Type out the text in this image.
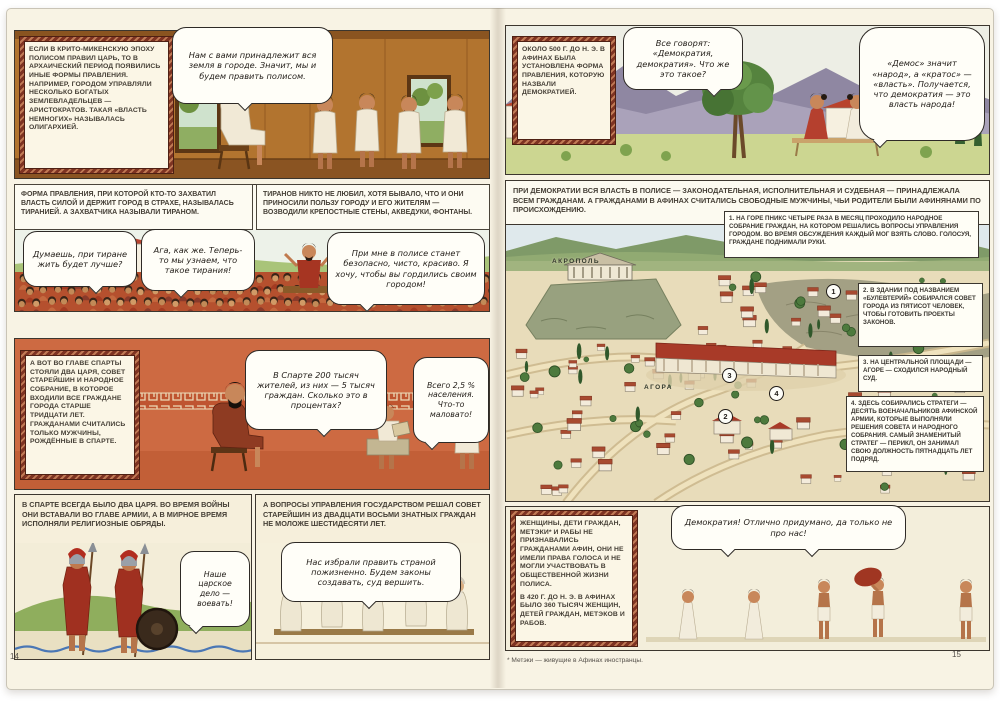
В СПАРТЕ ВСЕГДА БЫЛО ДВА ЦАРЯ. ВО ВРЕМЯ ВОЙНЫ ОНИ ВСТАВАЛИ ВО ГЛАВЕ АРМИИ, А В МИРНОЕ ВРЕМЯ ИСПОЛНЯЛИ РЕЛИГИОЗНЫЕ ОБРЯДЫ.
А ВОПРОСЫ УПРАВЛЕНИЯ ГОСУДАРСТВОМ РЕШАЛ СОВЕТ СТАРЕЙШИН ИЗ ДВАДЦАТИ ВОСЬМИ ЗНАТНЫХ ГРАЖДАН НЕ МОЛОЖЕ ШЕСТИДЕСЯТИ ЛЕТ.
ПРИ ДЕМОКРАТИИ ВСЯ ВЛАСТЬ В ПОЛИСЕ — ЗАКОНОДАТЕЛЬНАЯ, ИСПОЛНИТЕЛЬНАЯ И СУДЕБНАЯ — ПРИНАДЛЕЖАЛА ВСЕМ ГРАЖДАНАМ. А ГРАЖДАНАМИ В АФИНАХ СЧИТАЛИСЬ СВОБОДНЫЕ МУЖЧИНЫ, ЧЬИ РОДИТЕЛИ БЫЛИ АФИНЯНАМИ ПО ПРОИСХОЖДЕНИЮ.
ЕСЛИ В КРИТО-МИКЕНСКУЮ ЭПОХУ ПОЛИСОМ ПРАВИЛ ЦАРЬ, ТО В АРХАИЧЕСКИЙ ПЕРИОД ПОЯВИЛИСЬ ИНЫЕ ФОРМЫ ПРАВЛЕНИЯ. НАПРИМЕР, ГОРОДОМ УПРАВЛЯЛИ НЕСКОЛЬКО БОГАТЫХ ЗЕМЛЕВЛАДЕЛЬЦЕВ — АРИСТОКРАТОВ. ТАКАЯ «ВЛАСТЬ НЕМНОГИХ» НАЗЫВАЛАСЬ ОЛИГАРХИЕЙ.
А ВОТ ВО ГЛАВЕ СПАРТЫ СТОЯЛИ ДВА ЦАРЯ, СОВЕТ СТАРЕЙШИН И НАРОДНОЕ СОБРАНИЕ, В КОТОРОЕ ВХОДИЛИ ВСЕ ГРАЖДАНЕ ГОРОДА СТАРШЕ ТРИДЦАТИ ЛЕТ. ГРАЖДАНАМИ СЧИТАЛИСЬ ТОЛЬКО МУЖЧИНЫ, РОЖДЁННЫЕ В СПАРТЕ.
ОКОЛО 500 Г. ДО Н. Э. В АФИНАХ БЫЛА УСТАНОВЛЕНА ФОРМА ПРАВЛЕНИЯ, КОТОРУЮ НАЗВАЛИ ДЕМОКРАТИЕЙ.
ЖЕНЩИНЫ, ДЕТИ ГРАЖДАН, МЕТЭКИ* И РАБЫ НЕ ПРИЗНАВАЛИСЬ ГРАЖДАНАМИ АФИН, ОНИ НЕ ИМЕЛИ ПРАВА ГОЛОСА И НЕ МОГЛИ УЧАСТВОВАТЬ В ОБЩЕСТВЕННОЙ ЖИЗНИ ПОЛИСА.
В 420 Г. ДО Н. Э. В АФИНАХ БЫЛО 360 ТЫСЯЧ ЖЕНЩИН, ДЕТЕЙ ГРАЖДАН, МЕТЭКОВ И РАБОВ.
ФОРМА ПРАВЛЕНИЯ, ПРИ КОТОРОЙ КТО-ТО ЗАХВАТИЛ ВЛАСТЬ СИЛОЙ И ДЕРЖИТ ГОРОД В СТРАХЕ, НАЗЫВАЛАСЬ ТИРАНИЕЙ. А ЗАХВАТЧИКА НАЗЫВАЛИ ТИРАНОМ.
ТИРАНОВ НИКТО НЕ ЛЮБИЛ, ХОТЯ БЫВАЛО, ЧТО И ОНИ ПРИНОСИЛИ ПОЛЬЗУ ГОРОДУ И ЕГО ЖИТЕЛЯМ — ВОЗВОДИЛИ КРЕПОСТНЫЕ СТЕНЫ, АКВЕДУКИ, ФОНТАНЫ.
Нам с вами принадлежит вся земля в городе. Значит, мы и будем править полисом.
Думаешь, при тиране жить будет лучше?
Ага, как же. Теперь-то мы узнаем, что такое тирания!
При мне в полисе станет безопасно, чисто, красиво. Я хочу, чтобы вы гордились своим городом!
В Спарте 200 тысяч жителей, из них — 5 тысяч граждан. Сколько это в процентах?
Всего 2,5 % населения. Что-то маловато!
Наше царское дело — воевать!
Нас избрали править страной пожизненно. Будем законы создавать, суд вершить.
Все говорят: «Демократия, демократия». Что же это такое?
«Демос» значит «народ», а «кратос» — «власть». Получается, что демократия — это власть народа!
Демократия! Отлично придумано, да только не про нас!
1. НА ГОРЕ ПНИКС ЧЕТЫРЕ РАЗА В МЕСЯЦ ПРОХОДИЛО НАРОДНОЕ СОБРАНИЕ ГРАЖДАН, НА КОТОРОМ РЕШАЛИСЬ ВОПРОСЫ УПРАВЛЕНИЯ ГОРОДОМ. ВО ВРЕМЯ ОБСУЖДЕНИЯ КАЖДЫЙ МОГ ВЗЯТЬ СЛОВО. ГОЛОСУЯ, ГРАЖДАНЕ ПОДНИМАЛИ РУКИ.
2. В ЗДАНИИ ПОД НАЗВАНИЕМ «БУЛЕВТЕРИЙ» СОБИРАЛСЯ СОВЕТ ГОРОДА ИЗ ПЯТИСОТ ЧЕЛОВЕК, ЧТОБЫ ГОТОВИТЬ ПРОЕКТЫ ЗАКОНОВ.
3. НА ЦЕНТРАЛЬНОЙ ПЛОЩАДИ — АГОРЕ — СХОДИЛСЯ НАРОДНЫЙ СУД.
4. ЗДЕСЬ СОБИРАЛИСЬ СТРАТЕГИ — ДЕСЯТЬ ВОЕНАЧАЛЬНИКОВ АФИНСКОЙ АРМИИ, КОТОРЫЕ ВЫПОЛНЯЛИ РЕШЕНИЯ СОВЕТА И НАРОДНОГО СОБРАНИЯ. САМЫЙ ЗНАМЕНИТЫЙ СТРАТЕГ — ПЕРИКЛ, ОН ЗАНИМАЛ СВОЮ ДОЛЖНОСТЬ ПЯТНАДЦАТЬ ЛЕТ ПОДРЯД.
1
2
3
4
АКРОПОЛЬ
АГОРА
14	15
* Метэки — живущие в Афинах иностранцы.
